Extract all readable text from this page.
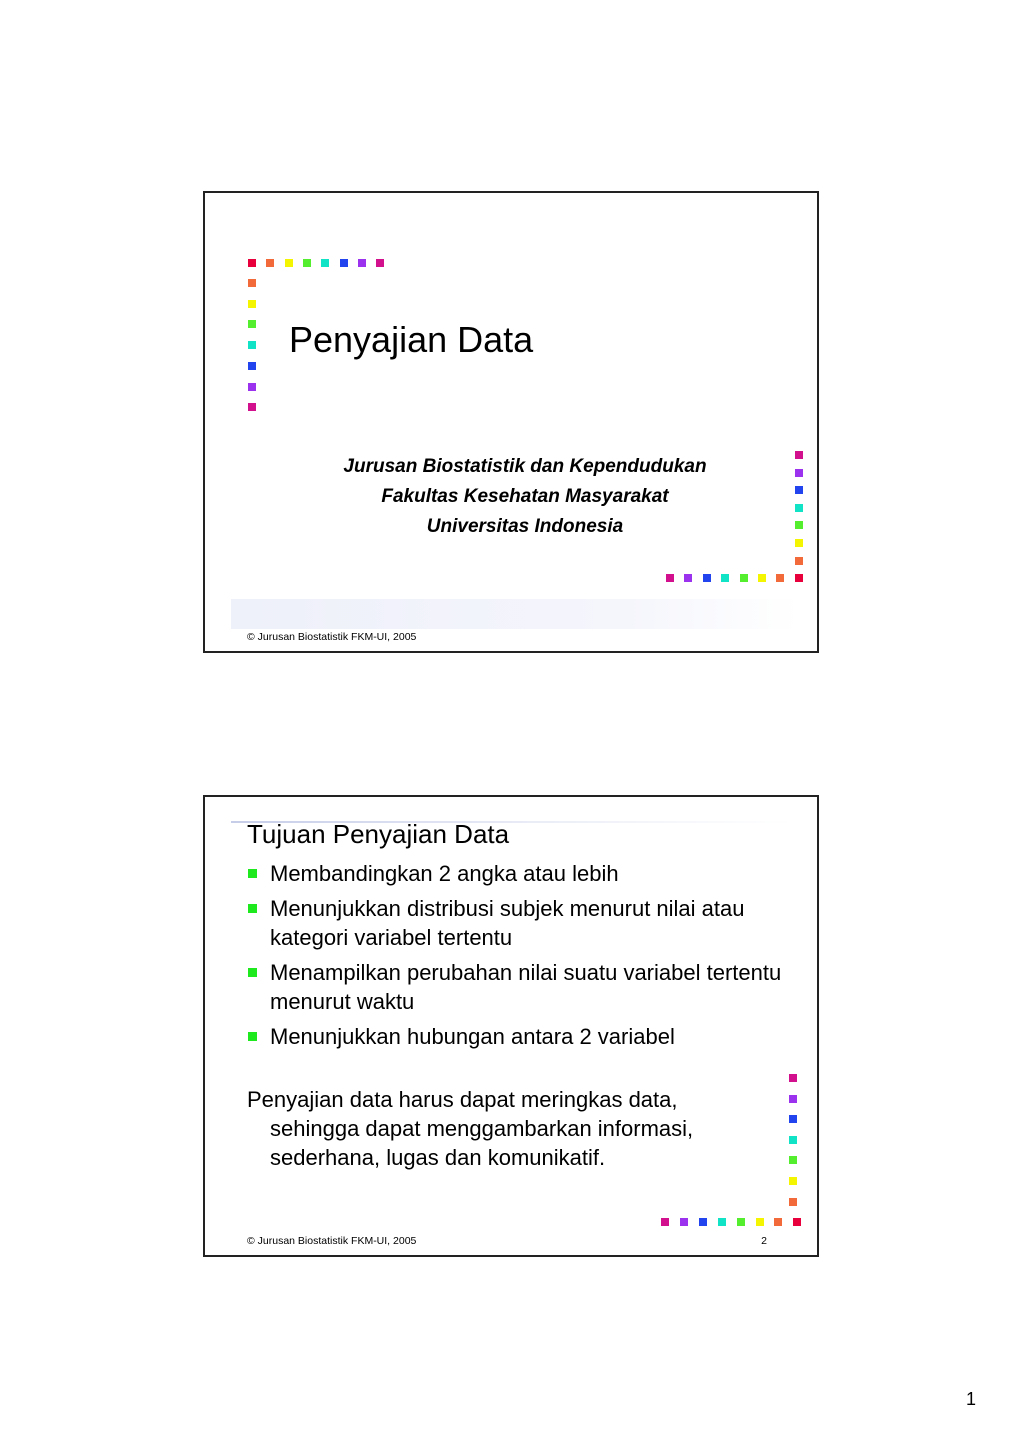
Penyajian Data
Jurusan Biostatistik dan Kependudukan
Fakultas Kesehatan Masyarakat
Universitas Indonesia
© Jurusan Biostatistik FKM-UI, 2005
Tujuan Penyajian Data
Membandingkan 2 angka atau lebih
Menunjukkan distribusi subjek menurut nilai atau kategori variabel tertentu
Menampilkan perubahan nilai suatu variabel tertentu menurut waktu
Menunjukkan hubungan antara 2 variabel
Penyajian data harus dapat meringkas data, sehingga dapat menggambarkan informasi, sederhana, lugas dan komunikatif.
© Jurusan Biostatistik FKM-UI, 2005	2
1
